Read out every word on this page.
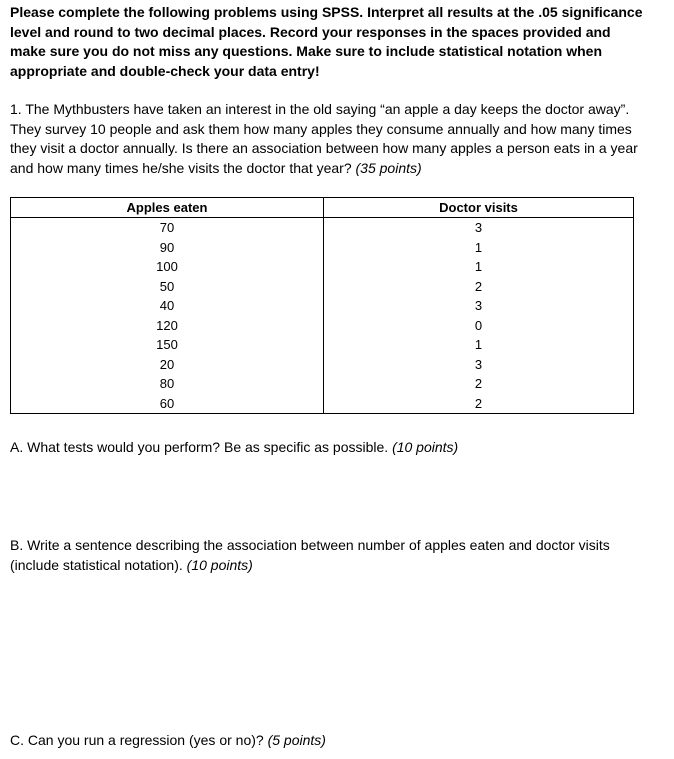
Please complete the following problems using SPSS. Interpret all results at the .05 significance level and round to two decimal places. Record your responses in the spaces provided and make sure you do not miss any questions. Make sure to include statistical notation when appropriate and double-check your data entry!

1. The Mythbusters have taken an interest in the old saying “an apple a day keeps the doctor away”. They survey 10 people and ask them how many apples they consume annually and how many times they visit a doctor annually. Is there an association between how many apples a person eats in a year and how many times he/she visits the doctor that year? (35 points)

Apples eaten	Doctor visits
70	3
90	1
100	1
50	2
40	3
120	0
150	1
20	3
80	2
60	2

A. What tests would you perform? Be as specific as possible. (10 points)

B. Write a sentence describing the association between number of apples eaten and doctor visits (include statistical notation). (10 points)

C. Can you run a regression (yes or no)? (5 points)
